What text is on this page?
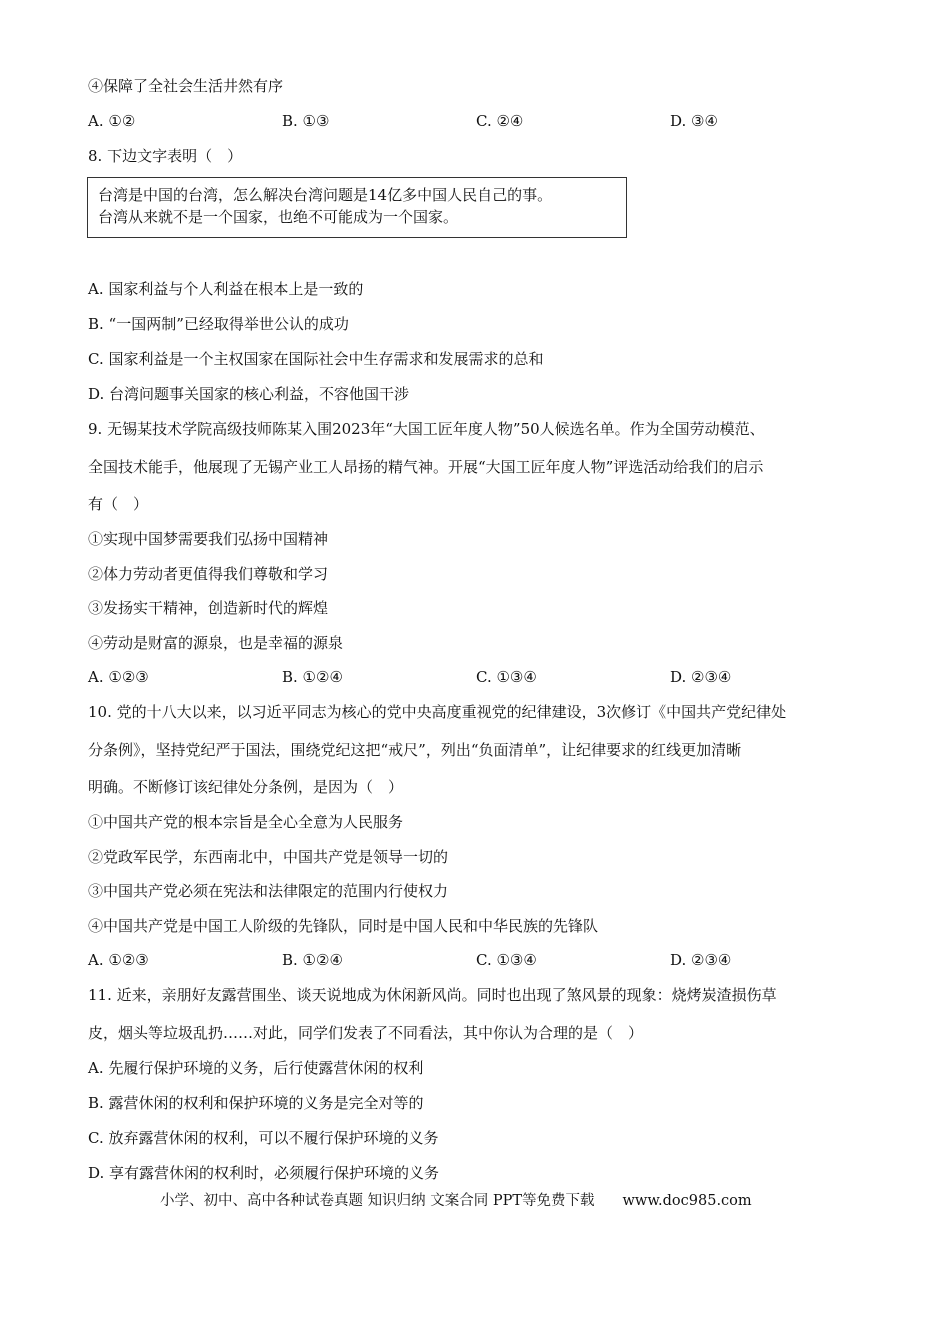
④保障了全社会生活井然有序
A. ①②	B. ①③	C. ②④	D. ③④
8. 下边文字表明（　）
台湾是中国的台湾，怎么解决台湾问题是14亿多中国人民自己的事。
台湾从来就不是一个国家，也绝不可能成为一个国家。
A. 国家利益与个人利益在根本上是一致的
B. “一国两制”已经取得举世公认的成功
C. 国家利益是一个主权国家在国际社会中生存需求和发展需求的总和
D. 台湾问题事关国家的核心利益，不容他国干涉
9. 无锡某技术学院高级技师陈某入围2023年“大国工匠年度人物”50人候选名单。作为全国劳动模范、
全国技术能手，他展现了无锡产业工人昂扬的精气神。开展“大国工匠年度人物”评选活动给我们的启示
有（　）
①实现中国梦需要我们弘扬中国精神
②体力劳动者更值得我们尊敬和学习
③发扬实干精神，创造新时代的辉煌
④劳动是财富的源泉，也是幸福的源泉
A. ①②③	B. ①②④	C. ①③④	D. ②③④
10. 党的十八大以来，以习近平同志为核心的党中央高度重视党的纪律建设，3次修订《中国共产党纪律处
分条例》，坚持党纪严于国法，围绕党纪这把“戒尺”，列出“负面清单”，让纪律要求的红线更加清晰
明确。不断修订该纪律处分条例，是因为（　）
①中国共产党的根本宗旨是全心全意为人民服务
②党政军民学，东西南北中，中国共产党是领导一切的
③中国共产党必须在宪法和法律限定的范围内行使权力
④中国共产党是中国工人阶级的先锋队，同时是中国人民和中华民族的先锋队
A. ①②③	B. ①②④	C. ①③④	D. ②③④
11. 近来，亲朋好友露营围坐、谈天说地成为休闲新风尚。同时也出现了煞风景的现象：烧烤炭渣损伤草
皮，烟头等垃圾乱扔……对此，同学们发表了不同看法，其中你认为合理的是（　）
A. 先履行保护环境的义务，后行使露营休闲的权利
B. 露营休闲的权利和保护环境的义务是完全对等的
C. 放弃露营休闲的权利，可以不履行保护环境的义务
D. 享有露营休闲的权利时，必须履行保护环境的义务
小学、初中、高中各种试卷真题 知识归纳 文案合同 PPT等免费下载 www.doc985.com
